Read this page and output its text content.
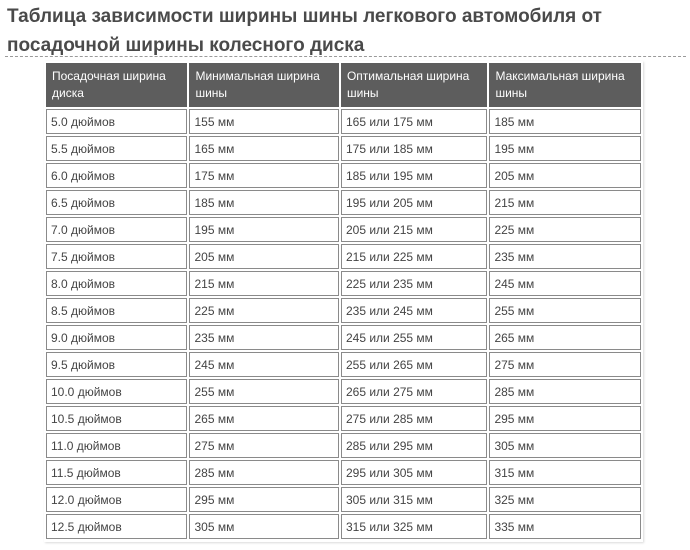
Таблица зависимости ширины шины легкового автомобиля от
посадочной ширины колесного диска
Посадочная ширина диска	Минимальная ширина шины	Оптимальная ширина шины	Максимальная ширина шины
5.0 дюймов	155 мм	165 или 175 мм	185 мм
5.5 дюймов	165 мм	175 или 185 мм	195 мм
6.0 дюймов	175 мм	185 или 195 мм	205 мм
6.5 дюймов	185 мм	195 или 205 мм	215 мм
7.0 дюймов	195 мм	205 или 215 мм	225 мм
7.5 дюймов	205 мм	215 или 225 мм	235 мм
8.0 дюймов	215 мм	225 или 235 мм	245 мм
8.5 дюймов	225 мм	235 или 245 мм	255 мм
9.0 дюймов	235 мм	245 или 255 мм	265 мм
9.5 дюймов	245 мм	255 или 265 мм	275 мм
10.0 дюймов	255 мм	265 или 275 мм	285 мм
10.5 дюймов	265 мм	275 или 285 мм	295 мм
11.0 дюймов	275 мм	285 или 295 мм	305 мм
11.5 дюймов	285 мм	295 или 305 мм	315 мм
12.0 дюймов	295 мм	305 или 315 мм	325 мм
12.5 дюймов	305 мм	315 или 325 мм	335 мм
